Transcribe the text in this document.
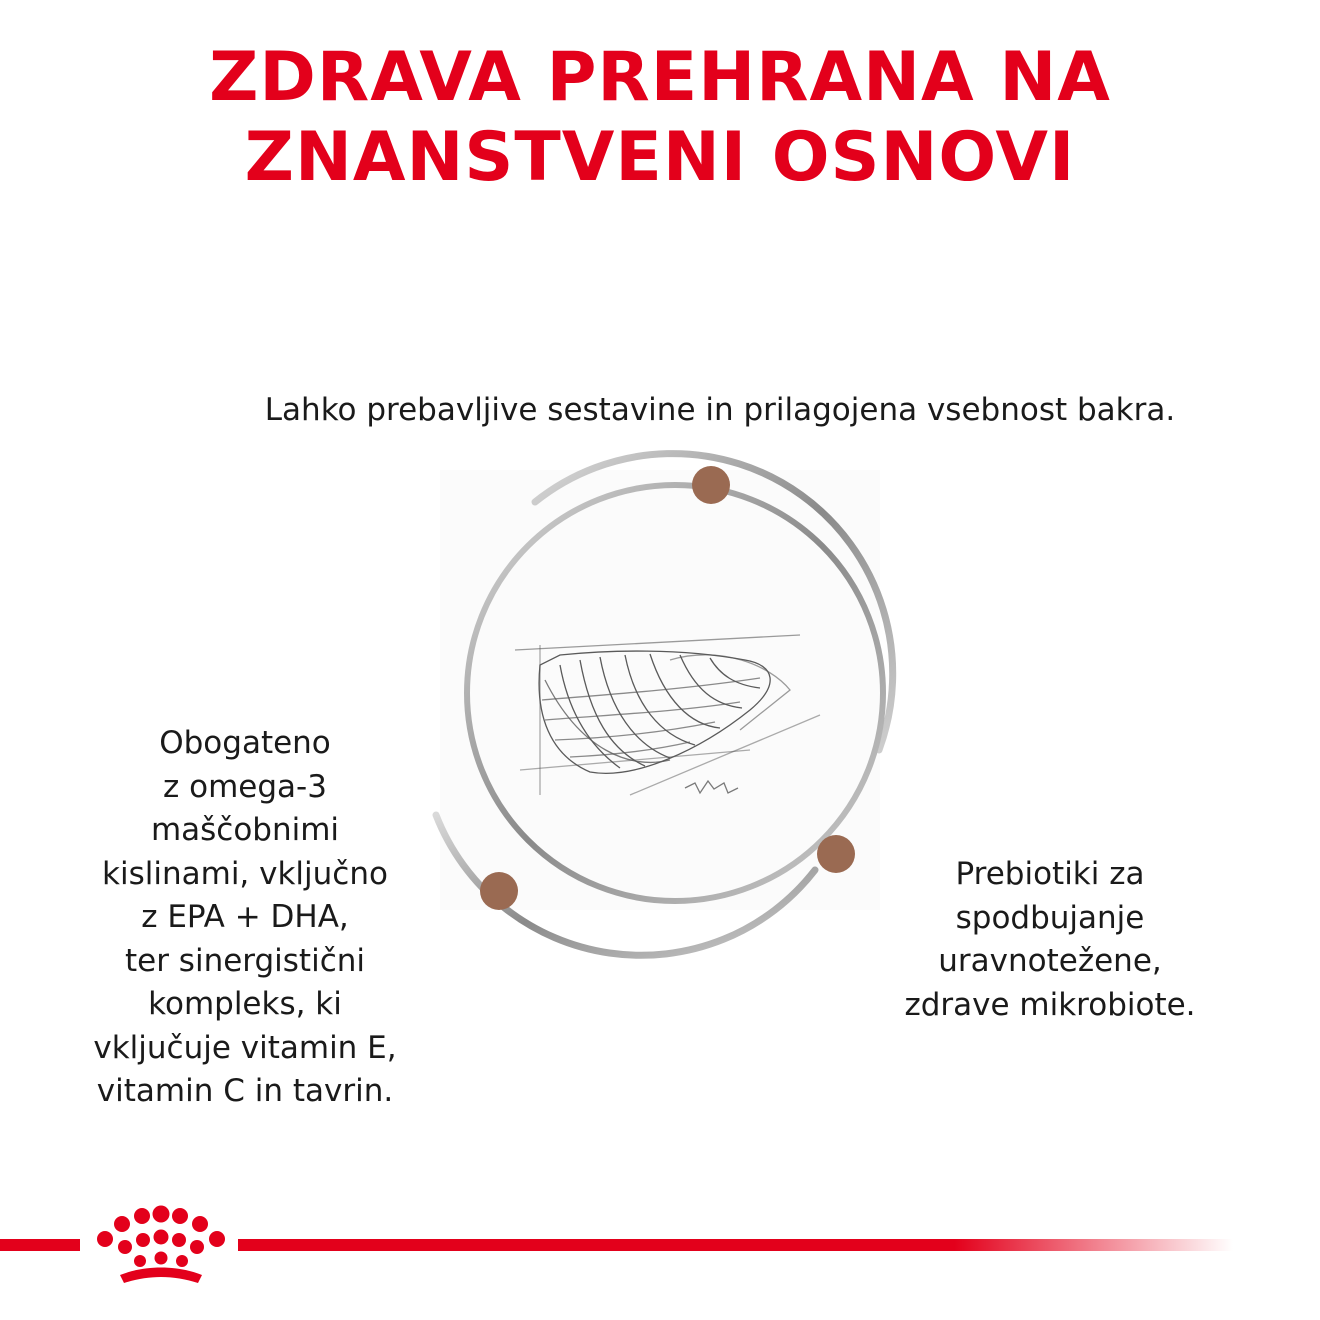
ZDRAVA PREHRANA NA
ZNANSTVENI OSNOVI

Lahko prebavljive sestavine in prilagojena vsebnost bakra.

Obogateno
z omega-3
maščobnimi
kislinami, vključno
z EPA + DHA,
ter sinergistični
kompleks, ki
vključuje vitamin E,
vitamin C in tavrin.

Prebiotiki za
spodbujanje
uravnotežene,
zdrave mikrobiote.
